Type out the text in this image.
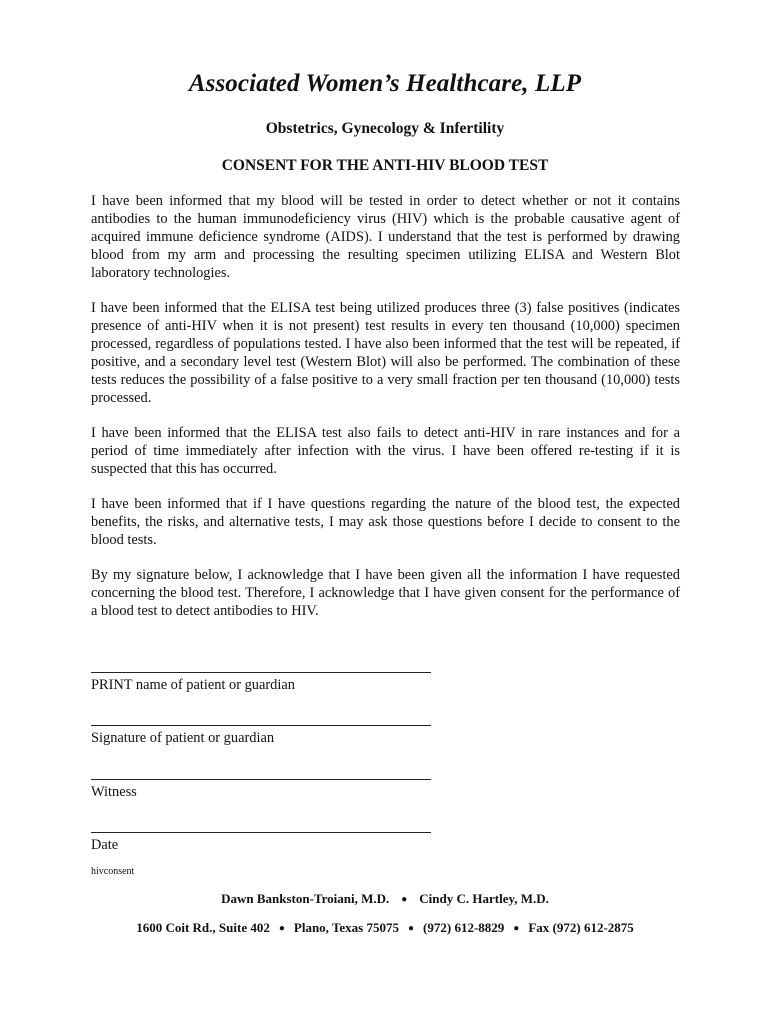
Associated Women’s Healthcare, LLP
Obstetrics, Gynecology & Infertility
CONSENT FOR THE ANTI-HIV BLOOD TEST

I have been informed that my blood will be tested in order to detect whether or not it contains antibodies to the human immunodeficiency virus (HIV) which is the probable causative agent of acquired immune deficience syndrome (AIDS). I understand that the test is performed by drawing blood from my arm and processing the resulting specimen utilizing ELISA and Western Blot laboratory technologies.

I have been informed that the ELISA test being utilized produces three (3) false positives (indicates presence of anti-HIV when it is not present) test results in every ten thousand (10,000) specimen processed, regardless of populations tested. I have also been informed that the test will be repeated, if positive, and a secondary level test (Western Blot) will also be performed. The combination of these tests reduces the possibility of a false positive to a very small fraction per ten thousand (10,000) tests processed.

I have been informed that the ELISA test also fails to detect anti-HIV in rare instances and for a period of time immediately after infection with the virus. I have been offered re-testing if it is suspected that this has occurred.

I have been informed that if I have questions regarding the nature of the blood test, the expected benefits, the risks, and alternative tests, I may ask those questions before I decide to consent to the blood tests.

By my signature below, I acknowledge that I have been given all the information I have requested concerning the blood test. Therefore, I acknowledge that I have given consent for the performance of a blood test to detect antibodies to HIV.

PRINT name of patient or guardian
Signature of patient or guardian
Witness
Date
hivconsent
Dawn Bankston-Troiani, M.D. ● Cindy C. Hartley, M.D.
1600 Coit Rd., Suite 402 ● Plano, Texas 75075 ● (972) 612-8829 ● Fax (972) 612-2875
